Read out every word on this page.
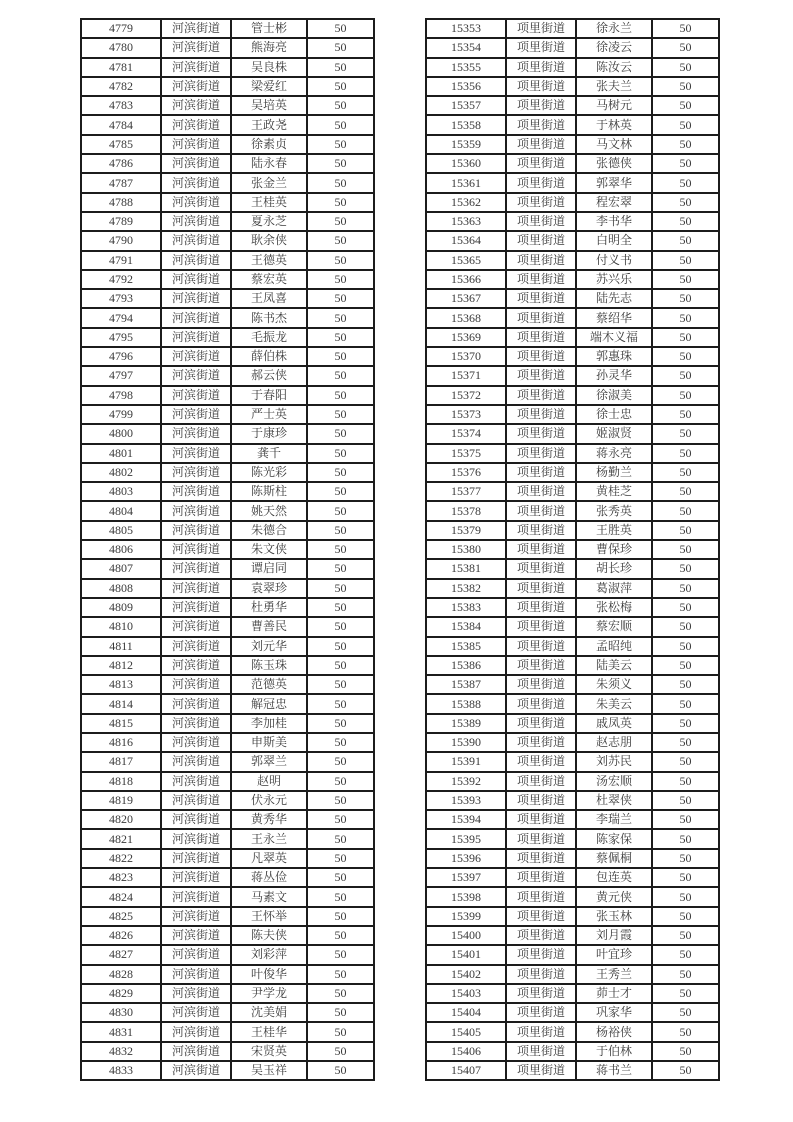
4779	河滨街道	管士彬	50
4780	河滨街道	熊海亮	50
4781	河滨街道	吴良株	50
4782	河滨街道	梁爱红	50
4783	河滨街道	吴培英	50
4784	河滨街道	王政尧	50
4785	河滨街道	徐素贞	50
4786	河滨街道	陆永春	50
4787	河滨街道	张金兰	50
4788	河滨街道	王桂英	50
4789	河滨街道	夏永芝	50
4790	河滨街道	耿余侠	50
4791	河滨街道	王德英	50
4792	河滨街道	蔡宏英	50
4793	河滨街道	王凤喜	50
4794	河滨街道	陈书杰	50
4795	河滨街道	毛振龙	50
4796	河滨街道	薛伯株	50
4797	河滨街道	郝云侠	50
4798	河滨街道	于春阳	50
4799	河滨街道	严士英	50
4800	河滨街道	于康珍	50
4801	河滨街道	龚千	50
4802	河滨街道	陈光彩	50
4803	河滨街道	陈斯柱	50
4804	河滨街道	姚天然	50
4805	河滨街道	朱德合	50
4806	河滨街道	朱文侠	50
4807	河滨街道	谭启同	50
4808	河滨街道	袁翠珍	50
4809	河滨街道	杜勇华	50
4810	河滨街道	曹善民	50
4811	河滨街道	刘元华	50
4812	河滨街道	陈玉珠	50
4813	河滨街道	范德英	50
4814	河滨街道	解冠忠	50
4815	河滨街道	李加桂	50
4816	河滨街道	申斯美	50
4817	河滨街道	郭翠兰	50
4818	河滨街道	赵明	50
4819	河滨街道	伏永元	50
4820	河滨街道	黄秀华	50
4821	河滨街道	王永兰	50
4822	河滨街道	凡翠英	50
4823	河滨街道	蒋丛俭	50
4824	河滨街道	马素文	50
4825	河滨街道	王怀举	50
4826	河滨街道	陈夫侠	50
4827	河滨街道	刘彩萍	50
4828	河滨街道	叶俊华	50
4829	河滨街道	尹学龙	50
4830	河滨街道	沈美娟	50
4831	河滨街道	王桂华	50
4832	河滨街道	宋贤英	50
4833	河滨街道	吴玉祥	50
15353	项里街道	徐永兰	50
15354	项里街道	徐凌云	50
15355	项里街道	陈汝云	50
15356	项里街道	张夫兰	50
15357	项里街道	马树元	50
15358	项里街道	于林英	50
15359	项里街道	马文林	50
15360	项里街道	张德侠	50
15361	项里街道	郭翠华	50
15362	项里街道	程宏翠	50
15363	项里街道	李书华	50
15364	项里街道	白明全	50
15365	项里街道	付义书	50
15366	项里街道	苏兴乐	50
15367	项里街道	陆先志	50
15368	项里街道	蔡绍华	50
15369	项里街道	端木义福	50
15370	项里街道	郭惠珠	50
15371	项里街道	孙灵华	50
15372	项里街道	徐淑美	50
15373	项里街道	徐士忠	50
15374	项里街道	姬淑贤	50
15375	项里街道	蒋永亮	50
15376	项里街道	杨勤兰	50
15377	项里街道	黄桂芝	50
15378	项里街道	张秀英	50
15379	项里街道	王胜英	50
15380	项里街道	曹保珍	50
15381	项里街道	胡长珍	50
15382	项里街道	葛淑萍	50
15383	项里街道	张松梅	50
15384	项里街道	蔡宏顺	50
15385	项里街道	孟昭纯	50
15386	项里街道	陆美云	50
15387	项里街道	朱须义	50
15388	项里街道	朱美云	50
15389	项里街道	戚凤英	50
15390	项里街道	赵志朋	50
15391	项里街道	刘苏民	50
15392	项里街道	汤宏顺	50
15393	项里街道	杜翠侠	50
15394	项里街道	李瑞兰	50
15395	项里街道	陈家保	50
15396	项里街道	蔡佩桐	50
15397	项里街道	包连英	50
15398	项里街道	黄元侠	50
15399	项里街道	张玉林	50
15400	项里街道	刘月霞	50
15401	项里街道	叶宜珍	50
15402	项里街道	王秀兰	50
15403	项里街道	茆士才	50
15404	项里街道	巩家华	50
15405	项里街道	杨裕侠	50
15406	项里街道	于伯林	50
15407	项里街道	蒋书兰	50
